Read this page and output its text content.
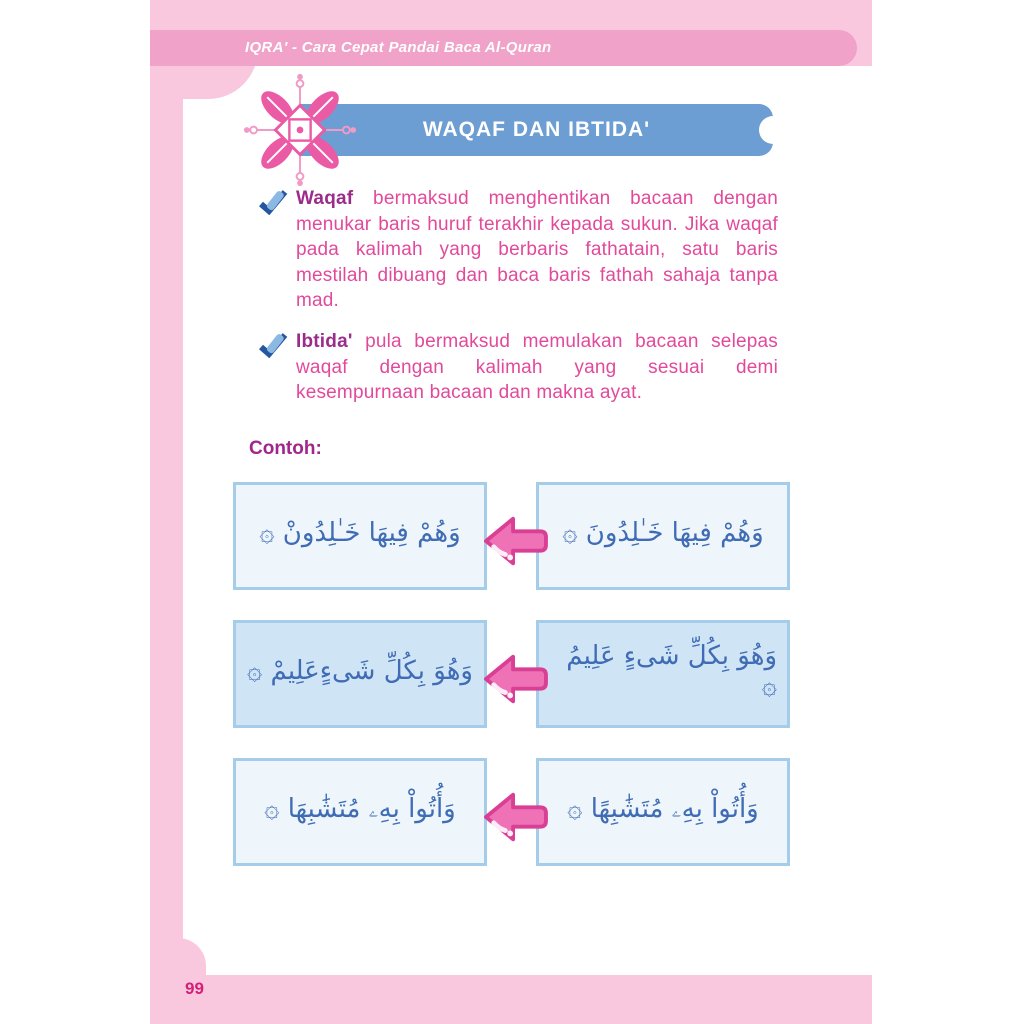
IQRA' - Cara Cepat Pandai Baca Al-Quran
WAQAF DAN IBTIDA'
Waqaf bermaksud menghentikan bacaan dengan menukar baris huruf terakhir kepada sukun. Jika waqaf pada kalimah yang berbaris fathatain, satu baris mestilah dibuang dan baca baris fathah sahaja tanpa mad.
Ibtida' pula bermaksud memulakan bacaan selepas waqaf dengan kalimah yang sesuai demi kesempurnaan bacaan dan makna ayat.
Contoh:
وَهُمْ فِيهَا خَـٰلِدُونْ ۞	وَهُمْ فِيهَا خَـٰلِدُونَ ۞
وَهُوَ بِكُلِّ شَىءٍعَلِيمْ ۞	وَهُوَ بِكُلِّ شَىءٍ عَلِيمُ ۞
وَأُتُواْ بِهِۦ مُتَشَٰبِهَا ۞	وَأُتُواْ بِهِۦ مُتَشَٰبِهًا ۞
99
